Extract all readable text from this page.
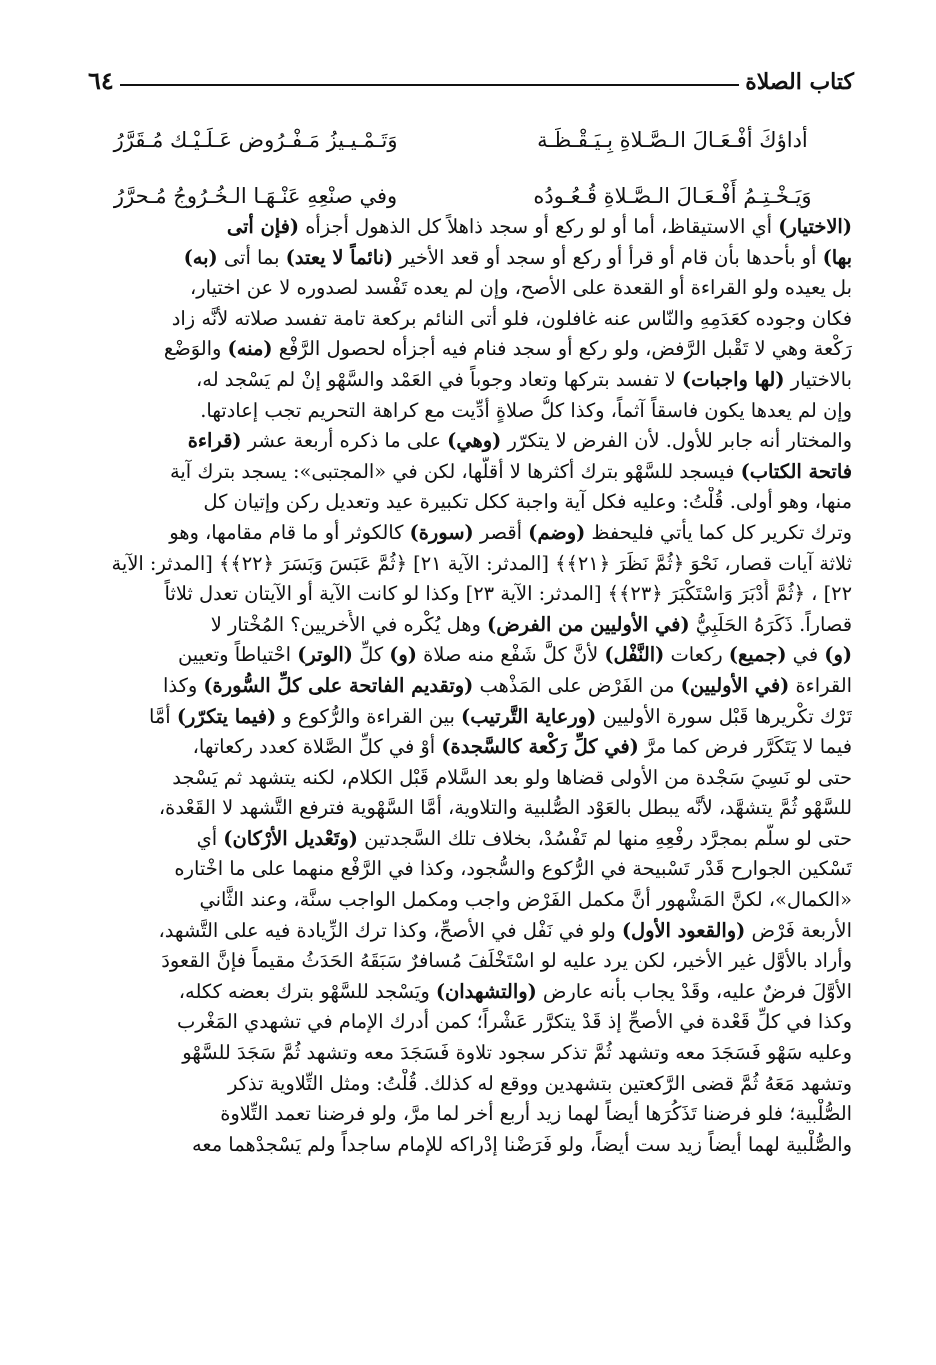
كتاب الصلاة
٦٤
أداؤكَ أفْـعَـالَ الـصَّـلاةِ بِـيَـقْـظَـة
وَتَـمْـيـيزُ مَـفْـرُوض عَـلَـيْـك مُـقَرَّرُ
وَيَـخْـتِـمُ أَفْـعَـالَ الـصَّـلاةِ قُـعُـودُه
وفي صنْعِهِ عَنْـهَـا الـخُـرُوجُ مُـحرَّرُ
(الاختيار) أي الاستيقاظ، أما أو لو ركع أو سجد ذاهلاً كل الذهول أجزأه (فإن أتى
بها) أو بأحدها بأن قام أو قرأ أو ركع أو سجد أو قعد الأخير (نائماً لا يعتد) بما أتى (به)
بل يعيده ولو القراءة أو القعدة على الأصح، وإن لم يعده تَفْسد لصدوره لا عن اختيار،
فكان وجوده كعَدَمِهِ والنّاس عنه غافلون، فلو أتى النائم بركعة تامة تفسد صلاته لأنَّه زاد
رَكْعة وهي لا تَقْبل الرَّفض، ولو ركع أو سجد فنام فيه أجزأه لحصول الرَّفْع (منه) والوَضْع
بالاختيار (لها واجبات) لا تفسد بتركها وتعاد وجوباً في العَمْد والسَّهْو إنْ لم يَسْجد له،
وإن لم يعدها يكون فاسقاً آثماً، وكذا كلُّ صلاةٍ أدِّيت مع كراهة التحريم تجب إعادتها.
والمختار أنه جابر للأول. لأن الفرض لا يتكرّر (وهي) على ما ذكره أربعة عشر (قراءة
فاتحة الكتاب) فيسجد للسَّهْو بترك أكثرها لا أقلّها، لكن في «المجتبى»: يسجد بترك آية
منها، وهو أولى. قُلْتُ: وعليه فكل آية واجبة ككل تكبيرة عيد وتعديل ركن وإتيان كل
وترك تكرير كل كما يأتي فليحفظ (وضم) أقصر (سورة) كالكوثر أو ما قام مقامها، وهو
ثلاثة آيات قصار، نَحْوَ ﴿ثُمَّ نَظَرَ ﴿٢١﴾﴾ [المدثر: الآية ٢١] ﴿ثُمَّ عَبَسَ وَبَسَرَ ﴿٢٢﴾﴾ [المدثر: الآية
٢٢] ، ﴿ثُمَّ أَدْبَرَ وَاسْتَكْبَرَ ﴿٢٣﴾﴾ [المدثر: الآية ٢٣] وكذا لو كانت الآية أو الآيتان تعدل ثلاثاً
قصاراً. ذَكَرَهُ الحَلَبِيُّ (في الأوليين من الفرض) وهل يُكْره في الأُخريين؟ المُخْتار لا
(و) في (جميع) ركعات (النَّفْل) لأنَّ كلَّ شَفْع منه صلاة (و) كلِّ (الوتر) احْتياطاً وتعيين
القراءة (في الأوليين) من الفَرْض على المَذْهب (وتقديم الفاتحة على كلِّ السُّورة) وكذا
تَرْك تكْريرها قَبْل سورة الأوليين (ورعاية التَّرتيب) بين القراءة والرُّكوع و (فيما يتكرّر) أمَّا
فيما لا يَتَكَرَّر فرض كما مرَّ (في كلِّ رَكْعة كالسَّجدة) أوْ في كلِّ الصَّلاة كعدد ركعاتها،
حتى لو نَسِيَ سَجْدة من الأولى قضاها ولو بعد السَّلام قَبْل الكلام، لكنه يتشهد ثم يَسْجد
للسَّهْو ثُمَّ يتشهَّد، لأنَّه يبطل بالعَوْد الصُّلبية والتلاوية، أمَّا السَّهْوية فترفع التَّشهد لا القَعْدة،
حتى لو سلَّم بمجرَّد رفْعِهِ منها لم تَفْسُدْ، بخلاف تلك السَّجدتين (وتَعْديل الأرْكان) أي
تَسْكين الجوارح قَدْر تَسْبيحة في الرُّكوع والسُّجود، وكذا في الرَّفْع منهما على ما اخْتاره
«الكمال»، لكنَّ المَشْهور أنَّ مكمل الفَرْض واجب ومكمل الواجب سنَّة، وعند الثَّاني
الأربعة فَرْض (والقعود الأول) ولو في نَفْل في الأصحِّ، وكذا ترك الزِّيادة فيه على التَّشهد،
وأراد بالأوَّل غير الأخير، لكن يرد عليه لو اسْتَخْلَفَ مُسافرٌ سَبَقَهُ الحَدَثُ مقيماً فإنَّ القعودَ
الأوَّلَ فرضٌ عليه، وقَدْ يجاب بأنه عارض (والتشهدان) ويَسْجد للسَّهْو بترك بعضه ككله،
وكذا في كلِّ قَعْدة في الأصحِّ إذ قَدْ يتكرَّر عَشْراً؛ كمن أدرك الإمام في تشهدي المَغْرب
وعليه سَهْو فَسَجَدَ معه وتشهد ثُمَّ تذكر سجود تلاوة فَسَجَدَ معه وتشهد ثُمَّ سَجَدَ للسَّهْو
وتشهد مَعَهُ ثُمَّ قضى الرَّكعتين بتشهدين ووقع له كذلك. قُلْتُ: ومثل التِّلاوية تذكر
الصُّلْبية؛ فلو فرضنا تَذَكُرَها أيضاً لهما زيد أربع أخر لما مرَّ، ولو فرضنا تعمد التِّلاوة
والصُّلْبية لهما أيضاً زيد ست أيضاً، ولو فَرَضْنا إدْراكه للإمام ساجداً ولم يَسْجدْهما معه
